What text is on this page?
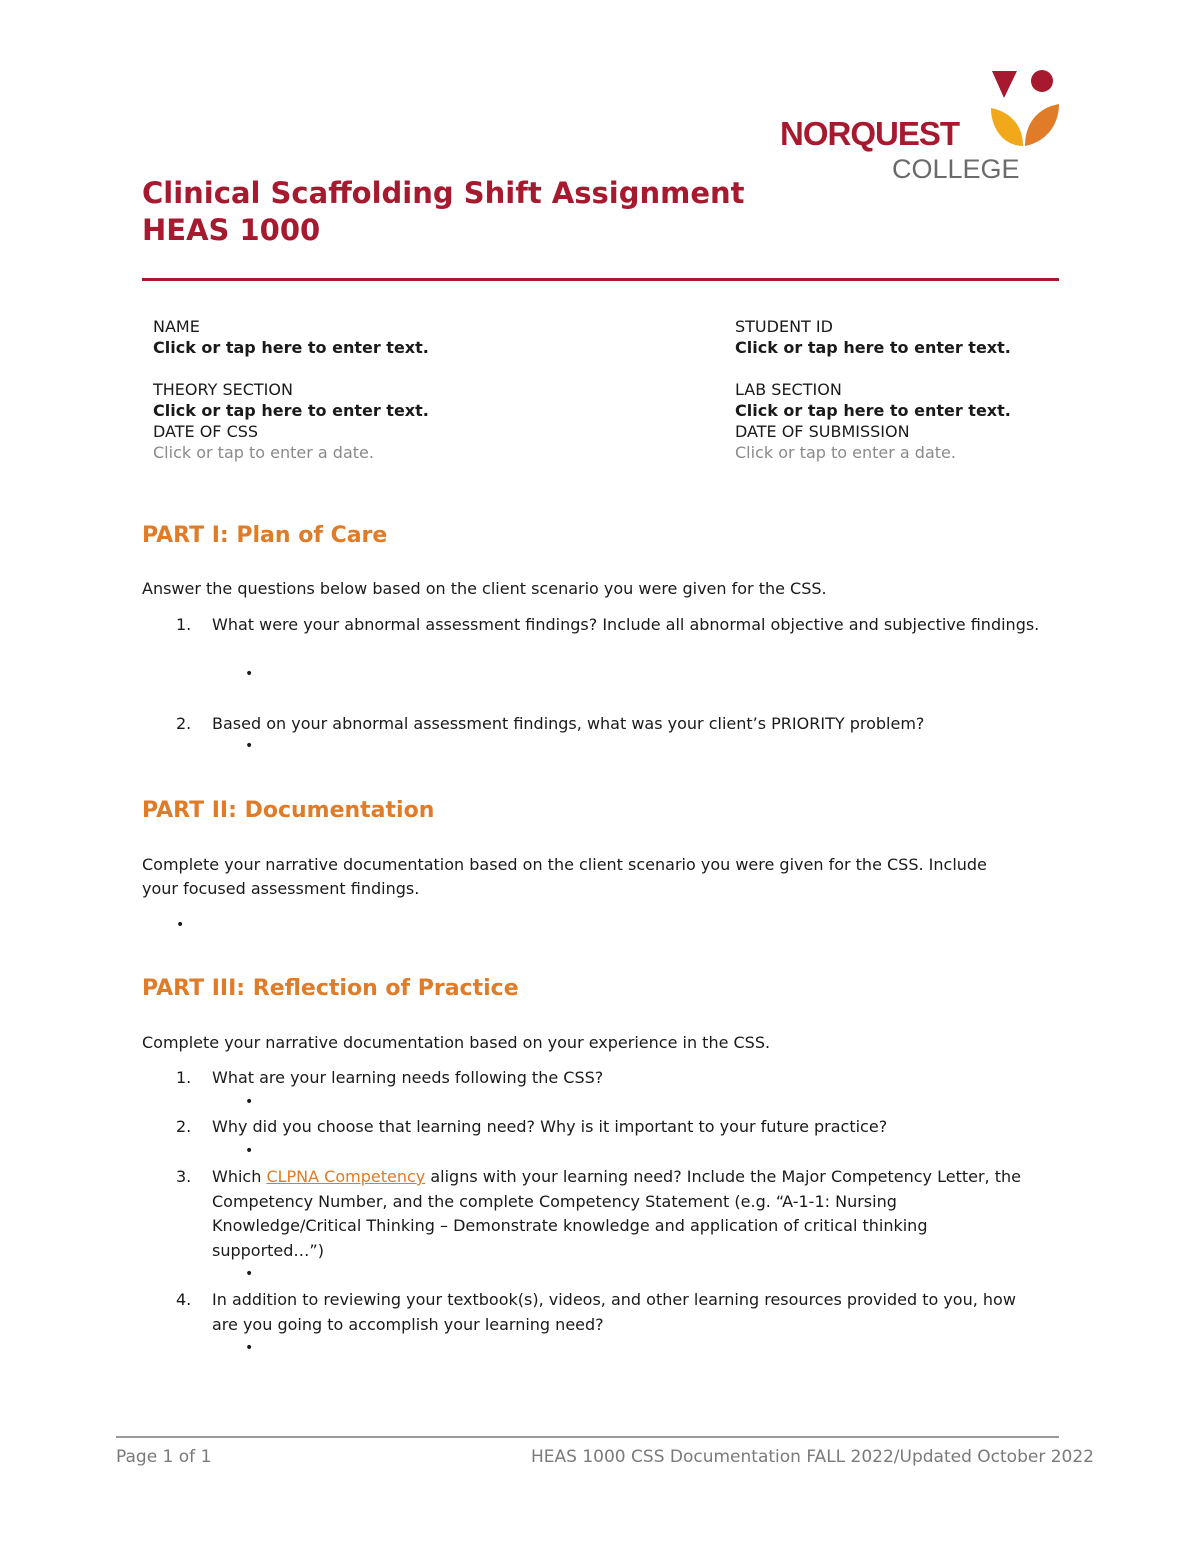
NORQUEST
COLLEGE
Clinical Scaffolding Shift Assignment
HEAS 1000
NAME
Click or tap here to enter text.
THEORY SECTION
Click or tap here to enter text.
DATE OF CSS
Click or tap to enter a date.
STUDENT ID
Click or tap here to enter text.
LAB SECTION
Click or tap here to enter text.
DATE OF SUBMISSION
Click or tap to enter a date.
PART I: Plan of Care
Answer the questions below based on the client scenario you were given for the CSS.
1. What were your abnormal assessment findings? Include all abnormal objective and subjective findings.
•
2. Based on your abnormal assessment findings, what was your client’s PRIORITY problem?
•
PART II: Documentation
Complete your narrative documentation based on the client scenario you were given for the CSS. Include your focused assessment findings.
•
PART III: Reflection of Practice
Complete your narrative documentation based on your experience in the CSS.
1. What are your learning needs following the CSS?
•
2. Why did you choose that learning need? Why is it important to your future practice?
•
3. Which CLPNA Competency aligns with your learning need? Include the Major Competency Letter, the Competency Number, and the complete Competency Statement (e.g. “A-1-1: Nursing Knowledge/Critical Thinking – Demonstrate knowledge and application of critical thinking supported…”)
•
4. In addition to reviewing your textbook(s), videos, and other learning resources provided to you, how are you going to accomplish your learning need?
•
Page 1 of 1	HEAS 1000 CSS Documentation FALL 2022/Updated October 2022
